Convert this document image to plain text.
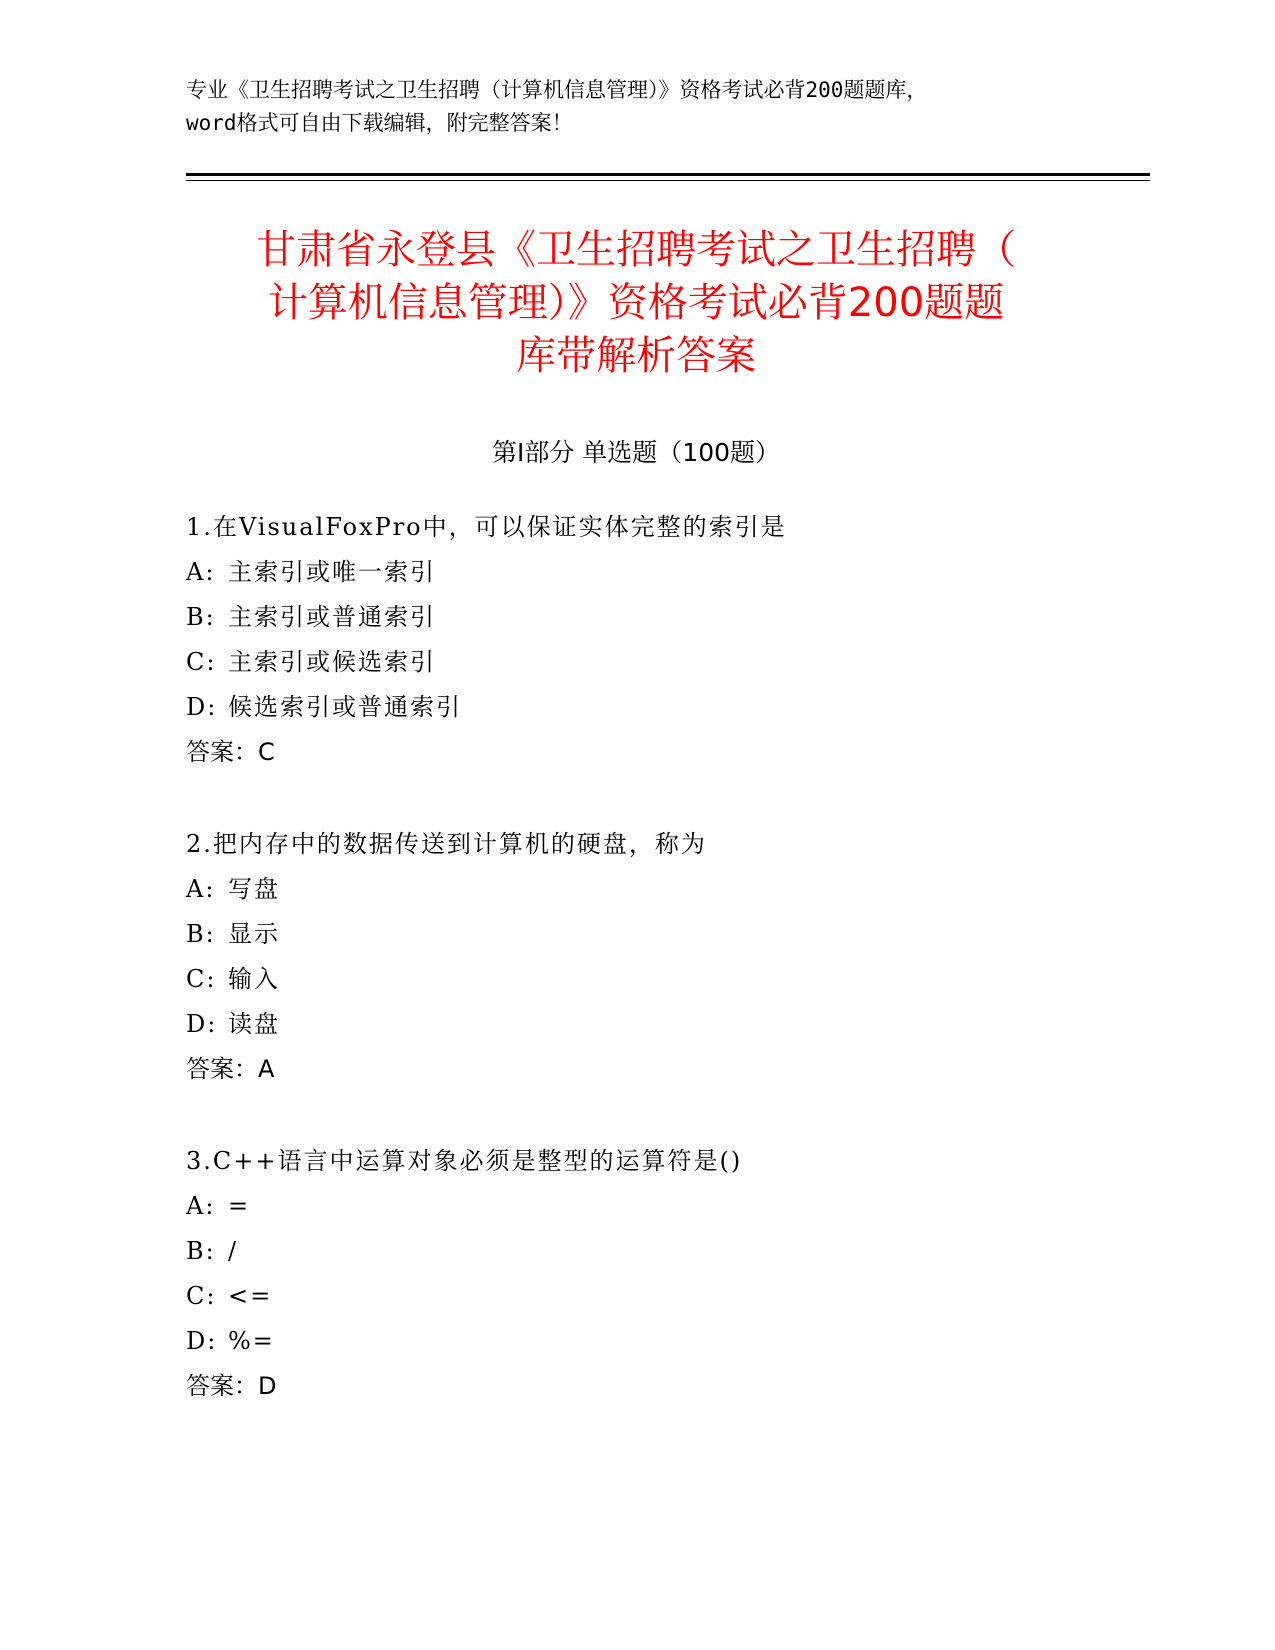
专业《卫生招聘考试之卫生招聘（计算机信息管理）》资格考试必背200题题库，
word格式可自由下载编辑，附完整答案！
甘肃省永登县《卫生招聘考试之卫生招聘（
计算机信息管理）》资格考试必背200题题
库带解析答案
第Ⅰ部分 单选题（100题）
1.在VisualFoxPro中，可以保证实体完整的索引是
A: 主索引或唯一索引
B: 主索引或普通索引
C: 主索引或候选索引
D: 候选索引或普通索引
答案：C
2.把内存中的数据传送到计算机的硬盘，称为
A: 写盘
B: 显示
C: 输入
D: 读盘
答案：A
3.C++语言中运算对象必须是整型的运算符是()
A: =
B: /
C: <=
D: %=
答案：D
